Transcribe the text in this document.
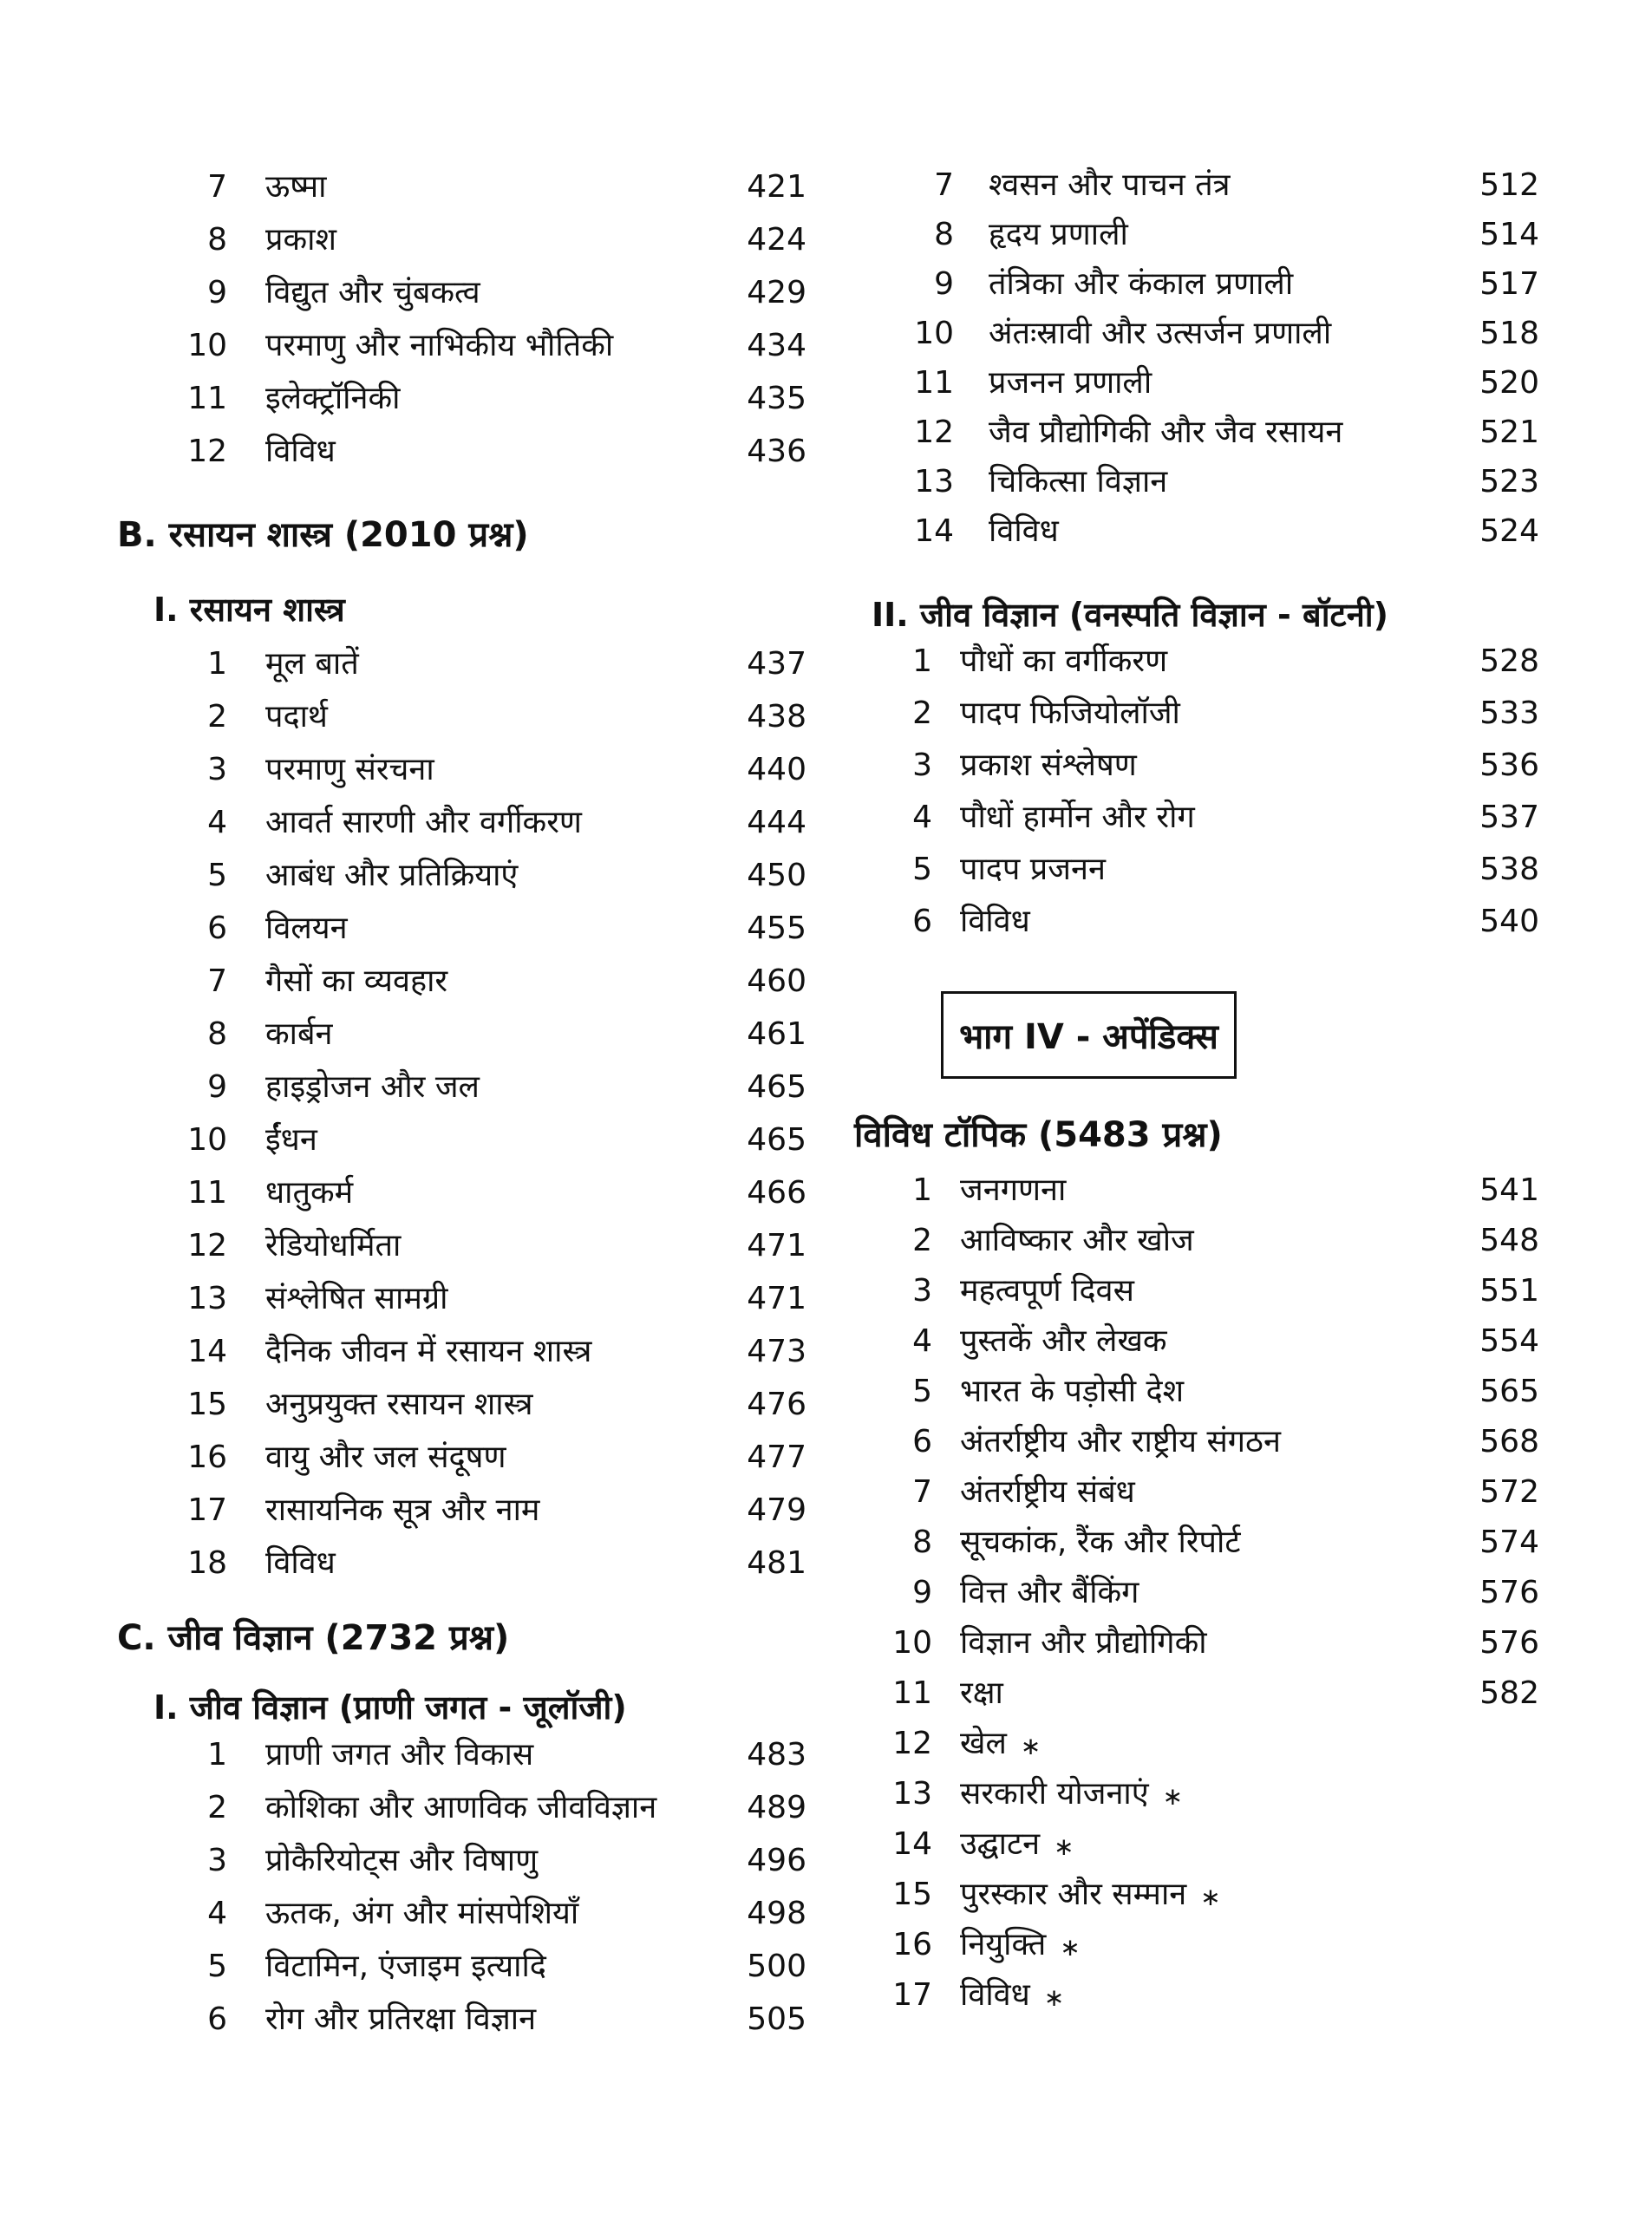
7 ऊष्मा	421
8 प्रकाश	424
9 विद्युत और चुंबकत्व	429
10 परमाणु और नाभिकीय भौतिकी	434
11 इलेक्ट्रॉनिकी	435
12 विविध	436
B. रसायन शास्त्र (2010 प्रश्न)
I. रसायन शास्त्र
1 मूल बातें	437
2 पदार्थ	438
3 परमाणु संरचना	440
4 आवर्त सारणी और वर्गीकरण	444
5 आबंध और प्रतिक्रियाएं	450
6 विलयन	455
7 गैसों का व्यवहार	460
8 कार्बन	461
9 हाइड्रोजन और जल	465
10 ईंधन	465
11 धातुकर्म	466
12 रेडियोधर्मिता	471
13 संश्लेषित सामग्री	471
14 दैनिक जीवन में रसायन शास्त्र	473
15 अनुप्रयुक्त रसायन शास्त्र	476
16 वायु और जल संदूषण	477
17 रासायनिक सूत्र और नाम	479
18 विविध	481
C. जीव विज्ञान (2732 प्रश्न)
I. जीव विज्ञान (प्राणी जगत - जूलॉजी)
1 प्राणी जगत और विकास	483
2 कोशिका और आणविक जीवविज्ञान	489
3 प्रोकैरियोट्स और विषाणु	496
4 ऊतक, अंग और मांसपेशियाँ	498
5 विटामिन, एंजाइम इत्यादि	500
6 रोग और प्रतिरक्षा विज्ञान	505
7 श्वसन और पाचन तंत्र	512
8 हृदय प्रणाली	514
9 तंत्रिका और कंकाल प्रणाली	517
10 अंतःस्रावी और उत्सर्जन प्रणाली	518
11 प्रजनन प्रणाली	520
12 जैव प्रौद्योगिकी और जैव रसायन	521
13 चिकित्सा विज्ञान	523
14 विविध	524
II. जीव विज्ञान (वनस्पति विज्ञान - बॉटनी)
1 पौधों का वर्गीकरण	528
2 पादप फिजियोलॉजी	533
3 प्रकाश संश्लेषण	536
4 पौधों हार्मोन और रोग	537
5 पादप प्रजनन	538
6 विविध	540
भाग IV - अपेंडिक्स
विविध टॉपिक (5483 प्रश्न)
1 जनगणना	541
2 आविष्कार और खोज	548
3 महत्वपूर्ण दिवस	551
4 पुस्तकें और लेखक	554
5 भारत के पड़ोसी देश	565
6 अंतर्राष्ट्रीय और राष्ट्रीय संगठन	568
7 अंतर्राष्ट्रीय संबंध	572
8 सूचकांक, रैंक और रिपोर्ट	574
9 वित्त और बैंकिंग	576
10 विज्ञान और प्रौद्योगिकी	576
11 रक्षा	582
12 खेल ∗
13 सरकारी योजनाएं ∗
14 उद्घाटन ∗
15 पुरस्कार और सम्मान ∗
16 नियुक्ति ∗
17 विविध ∗
